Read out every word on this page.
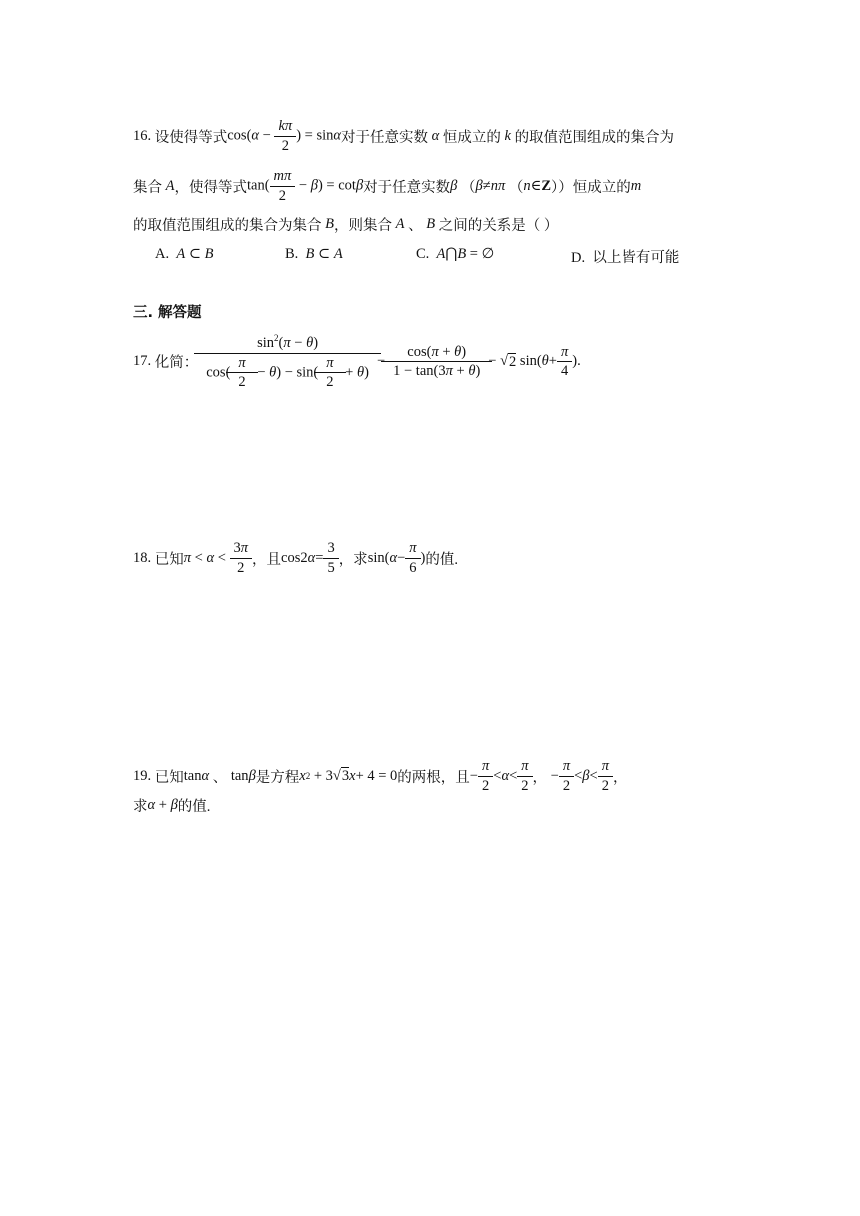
16.
设使得等式 $\cos(\alpha - \frac{k\pi}{2}$ ) = sinα 对于任意实数 α 恒成立的 k 的取值范围组成的集合为
集合 A ，使得等式 $\tan( \frac{m\pi}{2} - \beta) = \cot\beta$ 对于任意实数 β （ β ≠ nπ （ n ∈ Z ）） 恒成立的 m
的取值范围组成的集合为集合 B ，则集合 A 、 B 之间的关系是（ ）
A. A ⊂ B	B. B ⊂ A	C. A⋂B = ∅	D. 以上皆有可能
三. 解答题
17.
化简： $\frac{\sin^2(\pi - \theta)}{\cos( \frac{\pi}{2} - \theta) - \sin( \frac{\pi}{2} + \theta)} - \frac{\cos(\pi + \theta)}{1 - \tan(3\pi + \theta)}$ − √ 2 sin( $\theta + \frac{\pi}{4}$ ).
18.
已知 $\pi < \alpha < \frac{3\pi}{2}$ ，且 cos2 $\alpha = \frac{3}{5}$ ，求 sin( $\alpha - \frac{\pi}{6}$ ) 的值.
19.
已知 tan α
、 tan β 是方程 x 2 + 3√ 3 x + 4 = 0 的两根，且 − $\frac{\pi}{2} < \alpha < \frac{\pi}{2}$ ， − $\frac{\pi}{2} < \beta < \frac{\pi}{2}$ ，
求 α + β 的值.
